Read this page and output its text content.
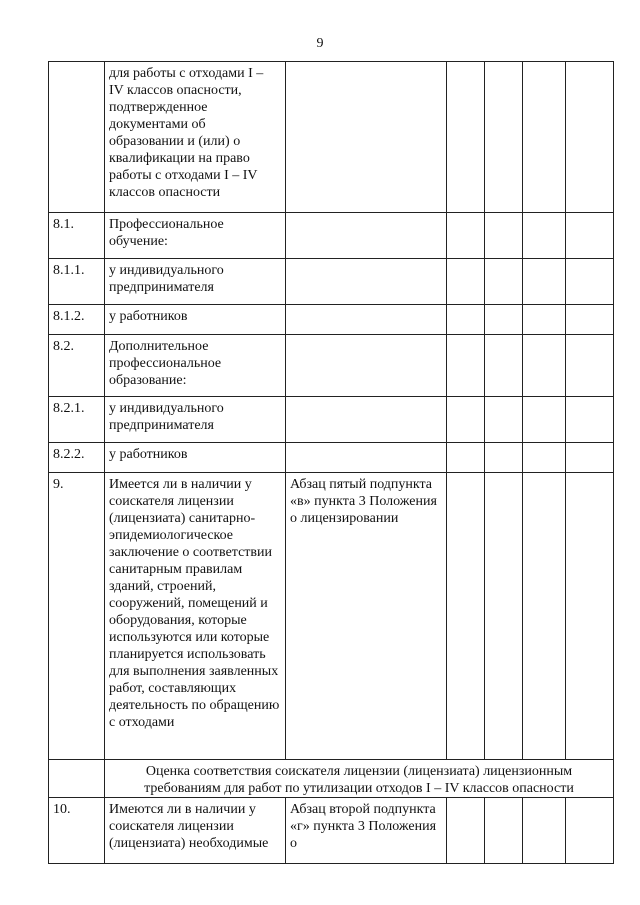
9
	для работы с отходами I – IV классов опасности, подтвержденное документами об образовании и (или) о квалификации на право работы с отходами I – IV классов опасности					
8.1.	Профессиональное обучение:					
8.1.1.	у индивидуального предпринимателя					
8.1.2.	у работников					
8.2.	Дополнительное профессиональное образование:					
8.2.1.	у индивидуального предпринимателя					
8.2.2.	у работников					
9.	Имеется ли в наличии у соискателя лицензии (лицензиата) санитарно-эпидемиологическое заключение о соответствии санитарным правилам зданий, строений, сооружений, помещений и оборудования, которые используются или которые планируется использовать для выполнения заявленных работ, составляющих деятельность по обращению с отходами	Абзац пятый подпункта «в» пункта 3 Положения о лицензировании				
	Оценка соответствия соискателя лицензии (лицензиата) лицензионным требованиям для работ по утилизации отходов I – IV классов опасности					
10.	Имеются ли в наличии у соискателя лицензии (лицензиата) необходимые	Абзац второй подпункта «г» пункта 3 Положения о				
